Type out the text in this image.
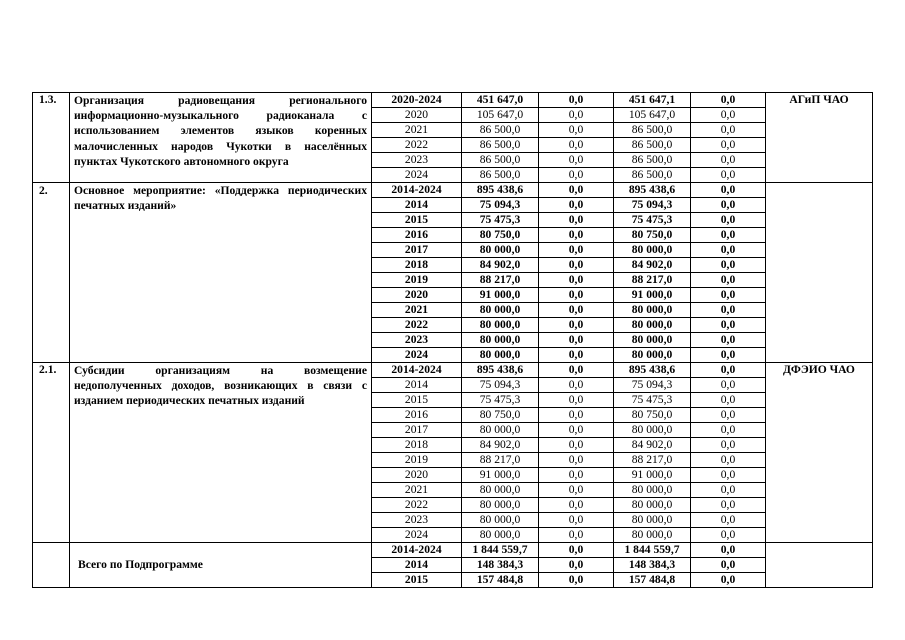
1.3.	Организация радиовещания регионального информационно-музыкального радиоканала с использованием элементов языков коренных малочисленных народов Чукотки в населённых пунктах Чукотского автономного округа	2020-2024	451 647,0	0,0	451 647,1	0,0	АГиП ЧАО
		2020	105 647,0	0,0	105 647,0	0,0	
		2021	86 500,0	0,0	86 500,0	0,0	
		2022	86 500,0	0,0	86 500,0	0,0	
		2023	86 500,0	0,0	86 500,0	0,0	
		2024	86 500,0	0,0	86 500,0	0,0	
2.	Основное мероприятие: «Поддержка периодических печатных изданий»	2014-2024	895 438,6	0,0	895 438,6	0,0	
		2014	75 094,3	0,0	75 094,3	0,0	
		2015	75 475,3	0,0	75 475,3	0,0	
		2016	80 750,0	0,0	80 750,0	0,0	
		2017	80 000,0	0,0	80 000,0	0,0	
		2018	84 902,0	0,0	84 902,0	0,0	
		2019	88 217,0	0,0	88 217,0	0,0	
		2020	91 000,0	0,0	91 000,0	0,0	
		2021	80 000,0	0,0	80 000,0	0,0	
		2022	80 000,0	0,0	80 000,0	0,0	
		2023	80 000,0	0,0	80 000,0	0,0	
		2024	80 000,0	0,0	80 000,0	0,0	
2.1.	Субсидии организациям на возмещение недополученных доходов, возникающих в связи с изданием периодических печатных изданий	2014-2024	895 438,6	0,0	895 438,6	0,0	ДФЭИО ЧАО
		2014	75 094,3	0,0	75 094,3	0,0	
		2015	75 475,3	0,0	75 475,3	0,0	
		2016	80 750,0	0,0	80 750,0	0,0	
		2017	80 000,0	0,0	80 000,0	0,0	
		2018	84 902,0	0,0	84 902,0	0,0	
		2019	88 217,0	0,0	88 217,0	0,0	
		2020	91 000,0	0,0	91 000,0	0,0	
		2021	80 000,0	0,0	80 000,0	0,0	
		2022	80 000,0	0,0	80 000,0	0,0	
		2023	80 000,0	0,0	80 000,0	0,0	
		2024	80 000,0	0,0	80 000,0	0,0	
	Всего по Подпрограмме	2014-2024	1 844 559,7	0,0	1 844 559,7	0,0	
		2014	148 384,3	0,0	148 384,3	0,0	
		2015	157 484,8	0,0	157 484,8	0,0	
